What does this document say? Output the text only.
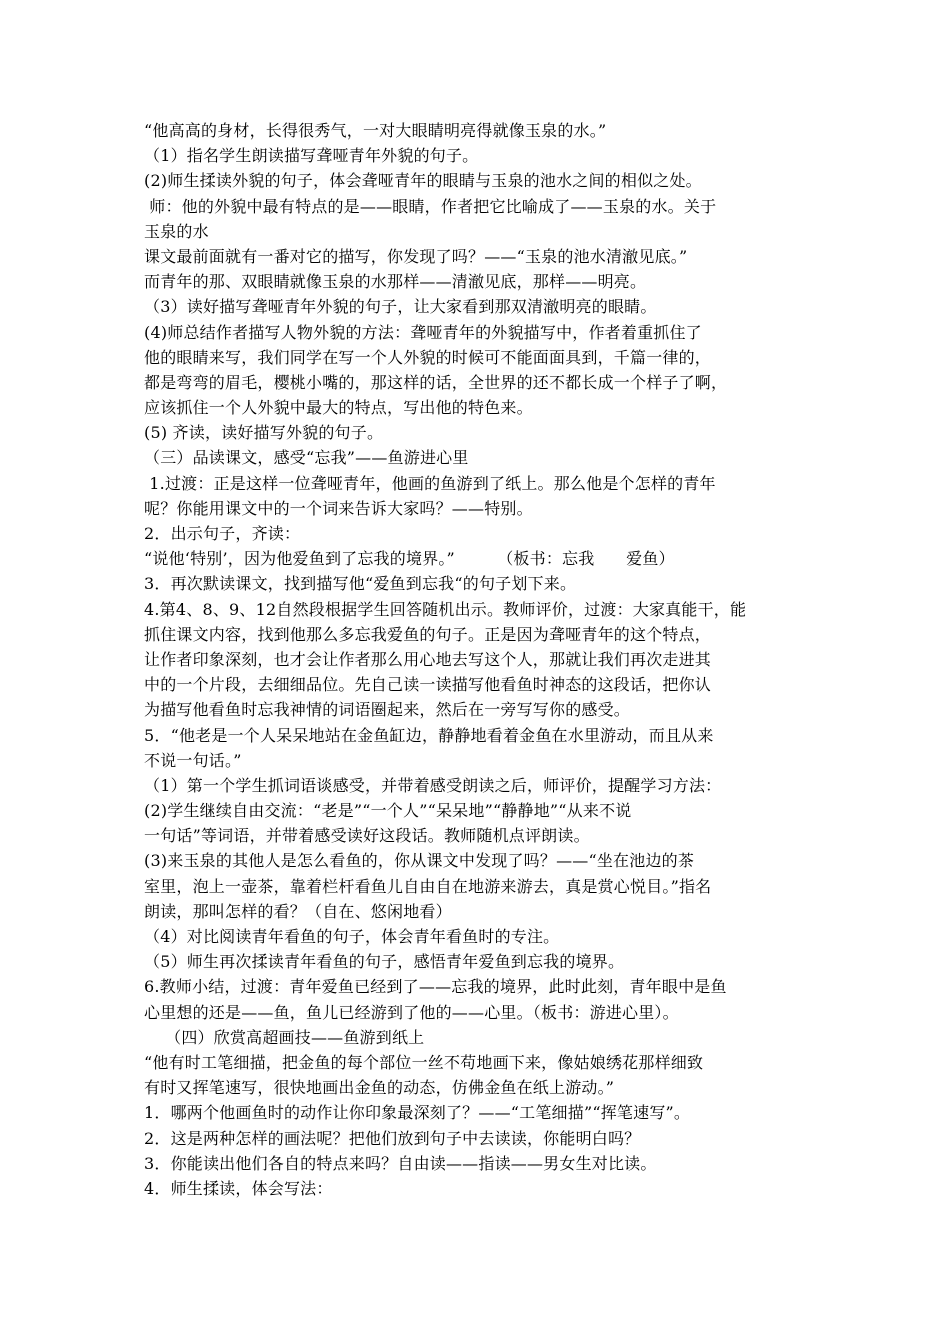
“他高高的身材，长得很秀气，一对大眼睛明亮得就像玉泉的水。”

（1）指名学生朗读描写聋哑青年外貌的句子。

(2)师生揉读外貌的句子，体会聋哑青年的眼睛与玉泉的池水之间的相似之处。

师：他的外貌中最有特点的是——眼睛，作者把它比喻成了——玉泉的水。关于

玉泉的水

课文最前面就有一番对它的描写，你发现了吗？——“玉泉的池水清澈见底。”

而青年的那、双眼睛就像玉泉的水那样——清澈见底，那样——明亮。

（3）读好描写聋哑青年外貌的句子，让大家看到那双清澈明亮的眼睛。

(4)师总结作者描写人物外貌的方法：聋哑青年的外貌描写中，作者着重抓住了

他的眼睛来写，我们同学在写一个人外貌的时候可不能面面具到，千篇一律的，

都是弯弯的眉毛，樱桃小嘴的，那这样的话，全世界的还不都长成一个样子了啊，

应该抓住一个人外貌中最大的特点，写出他的特色来。

(5) 齐读，读好描写外貌的句子。

（三）品读课文，感受“忘我”——鱼游进心里

1.过渡：正是这样一位聋哑青年，他画的鱼游到了纸上。那么他是个怎样的青年

呢？你能用课文中的一个词来告诉大家吗？——特别。

2．出示句子，齐读：

“说他‘特别’，因为他爱鱼到了忘我的境界。”        （板书：忘我      爱鱼）

3．再次默读课文，找到描写他“爱鱼到忘我“的句子划下来。

4.第4、8、9、12自然段根据学生回答随机出示。教师评价，过渡：大家真能干，能

抓住课文内容，找到他那么多忘我爱鱼的句子。正是因为聋哑青年的这个特点，

让作者印象深刻，也才会让作者那么用心地去写这个人，那就让我们再次走进其

中的一个片段，去细细品位。先自己读一读描写他看鱼时神态的这段话，把你认

为描写他看鱼时忘我神情的词语圈起来，然后在一旁写写你的感受。

5．“他老是一个人呆呆地站在金鱼缸边，静静地看着金鱼在水里游动，而且从来

不说一句话。”

（1）第一个学生抓词语谈感受，并带着感受朗读之后，师评价，提醒学习方法：

(2)学生继续自由交流：“老是”“一个人”“呆呆地”“静静地”“从来不说

一句话”等词语，并带着感受读好这段话。教师随机点评朗读。

(3)来玉泉的其他人是怎么看鱼的，你从课文中发现了吗？——“坐在池边的茶

室里，泡上一壶茶，靠着栏杆看鱼儿自由自在地游来游去，真是赏心悦目。”指名

朗读，那叫怎样的看？（自在、悠闲地看）

（4）对比阅读青年看鱼的句子，体会青年看鱼时的专注。

（5）师生再次揉读青年看鱼的句子，感悟青年爱鱼到忘我的境界。

6.教师小结，过渡：青年爱鱼已经到了——忘我的境界，此时此刻，青年眼中是鱼

心里想的还是——鱼，鱼儿已经游到了他的——心里。（板书：游进心里）。

（四）欣赏高超画技——鱼游到纸上

“他有时工笔细描，把金鱼的每个部位一丝不苟地画下来，像姑娘绣花那样细致

有时又挥笔速写，很快地画出金鱼的动态，仿佛金鱼在纸上游动。”

1．哪两个他画鱼时的动作让你印象最深刻了？——“工笔细描”“挥笔速写”。

2．这是两种怎样的画法呢？把他们放到句子中去读读，你能明白吗？

3．你能读出他们各自的特点来吗？自由读——指读——男女生对比读。

4．师生揉读，体会写法：
